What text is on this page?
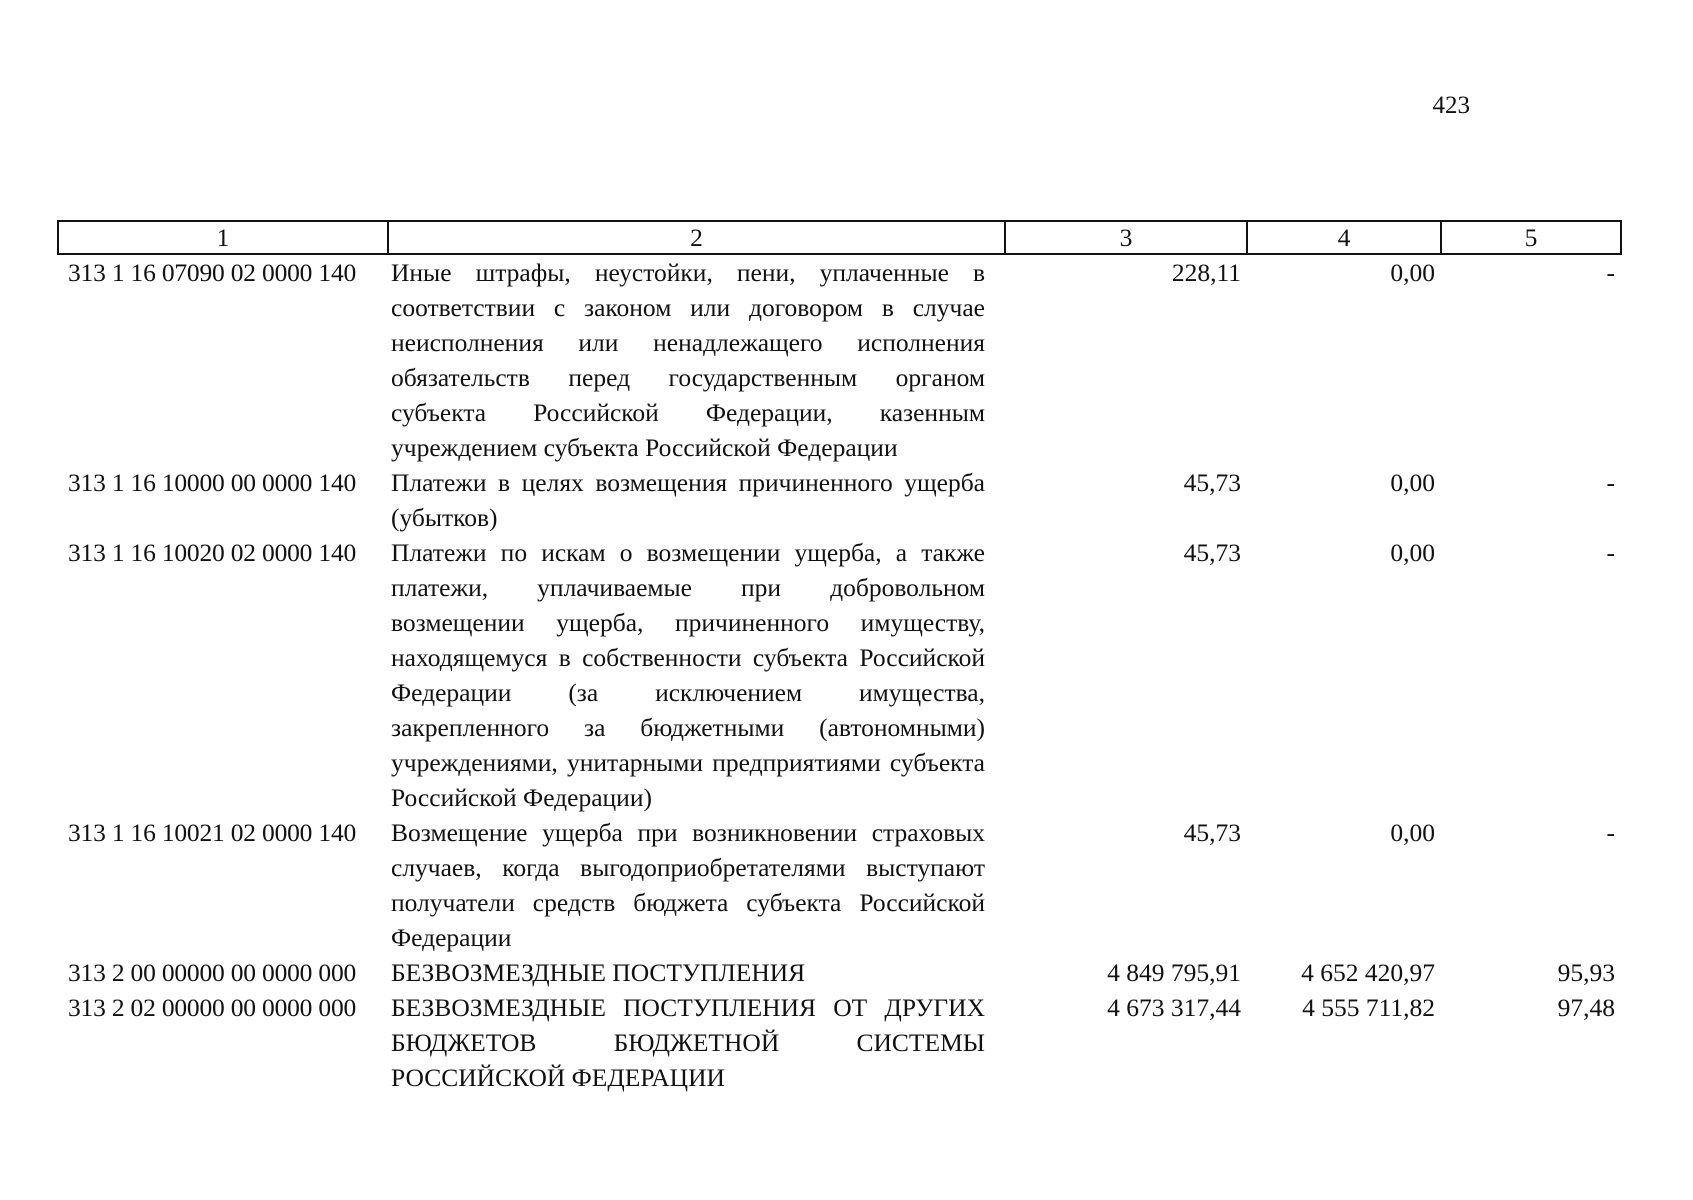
423
1	2	3	4	5
313 1 16 07090 02 0000 140	Иные штрафы, неустойки, пени, уплаченные в соответствии с законом или договором в случае неисполнения или ненадлежащего исполнения обязательств перед государственным органом субъекта Российской Федерации, казенным учреждением субъекта Российской Федерации	228,11	0,00	-
313 1 16 10000 00 0000 140	Платежи в целях возмещения причиненного ущерба (убытков)	45,73	0,00	-
313 1 16 10020 02 0000 140	Платежи по искам о возмещении ущерба, а также платежи, уплачиваемые при добровольном возмещении ущерба, причиненного имуществу, находящемуся в собственности субъекта Российской Федерации (за исключением имущества, закрепленного за бюджетными (автономными) учреждениями, унитарными предприятиями субъекта Российской Федерации)	45,73	0,00	-
313 1 16 10021 02 0000 140	Возмещение ущерба при возникновении страховых случаев, когда выгодоприобретателями выступают получатели средств бюджета субъекта Российской Федерации	45,73	0,00	-
313 2 00 00000 00 0000 000	БЕЗВОЗМЕЗДНЫЕ ПОСТУПЛЕНИЯ	4 849 795,91	4 652 420,97	95,93
313 2 02 00000 00 0000 000	БЕЗВОЗМЕЗДНЫЕ ПОСТУПЛЕНИЯ ОТ ДРУГИХ БЮДЖЕТОВ БЮДЖЕТНОЙ СИСТЕМЫ РОССИЙСКОЙ ФЕДЕРАЦИИ	4 673 317,44	4 555 711,82	97,48
